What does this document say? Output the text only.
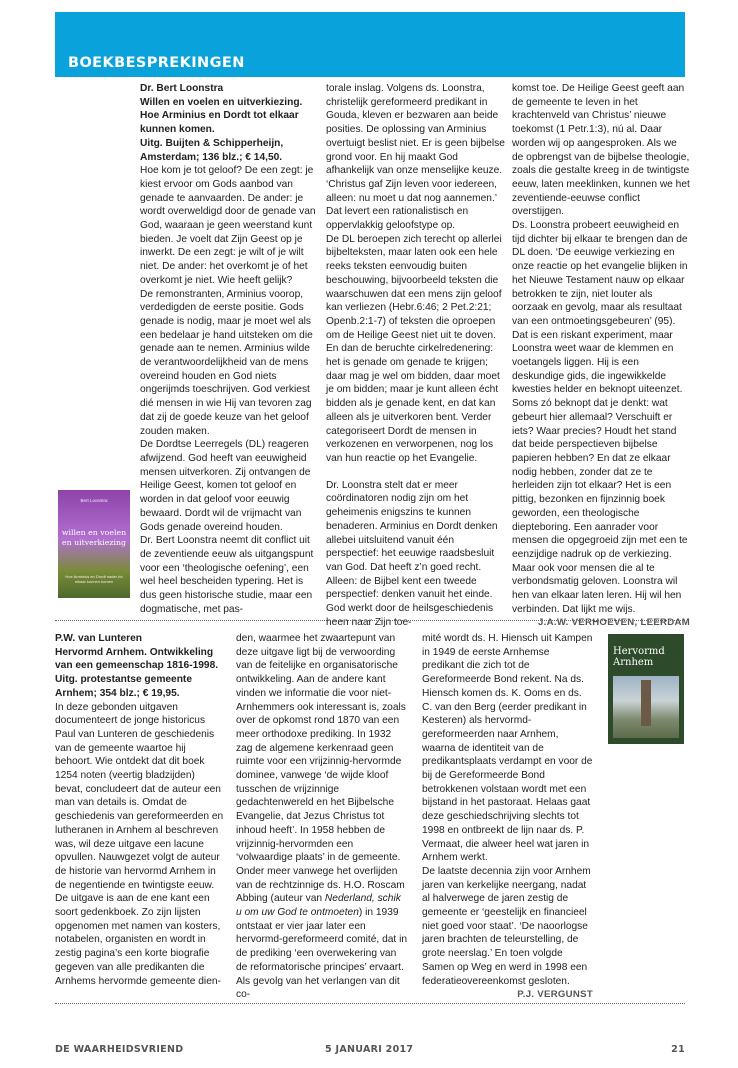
BOEKBESPREKINGEN

Dr. Bert Loonstra

Willen en voelen en uitverkiezing. Hoe Arminius en Dordt tot elkaar kunnen komen.

Uitg. Buijten & Schipperheijn, Amsterdam; 136 blz.; € 14,50.

Hoe kom je tot geloof? De een zegt: je kiest ervoor om Gods aanbod van genade te aanvaarden. De ander: je wordt overweldigd door de genade van God, waaraan je geen weerstand kunt bieden. Je voelt dat Zijn Geest op je inwerkt. De een zegt: je wilt of je wilt niet. De ander: het overkomt je of het overkomt je niet. Wie heeft gelijk?

De remonstranten, Arminius voorop, verdedigden de eerste positie. Gods genade is nodig, maar je moet wel als een bedelaar je hand uitsteken om die genade aan te nemen. Arminius wilde de verantwoordelijkheid van de mens overeind houden en God niets ongerijmds toeschrijven. God verkiest dié mensen in wie Hij van tevoren zag dat zij de goede keuze van het geloof zouden maken.

De Dordtse Leerregels (DL) reageren afwijzend. God heeft van eeuwigheid mensen uitverkoren. Zij ontvangen de Heilige Geest, komen tot geloof en worden in dat geloof voor eeuwig bewaard. Dordt wil de vrijmacht van Gods genade overeind houden.

Dr. Bert Loonstra neemt dit conflict uit de zeventiende eeuw als uitgangspunt voor een ‘theologische oefening’, een wel heel bescheiden typering. Het is dus geen historische studie, maar een dogmatische, met pas-

torale inslag. Volgens ds. Loonstra, christelijk gereformeerd predikant in Gouda, kleven er bezwaren aan beide posities. De oplossing van Arminius overtuigt beslist niet. Er is geen bijbelse grond voor. En hij maakt God afhankelijk van onze menselijke keuze. ‘Christus gaf Zijn leven voor iedereen, alleen: nu moet u dat nog aannemen.’ Dat levert een rationalistisch en oppervlakkig geloofstype op.

De DL beroepen zich terecht op allerlei bijbelteksten, maar laten ook een hele reeks teksten eenvoudig buiten beschouwing, bijvoorbeeld teksten die waarschuwen dat een mens zijn geloof kan verliezen (Hebr.6:46; 2 Pet.2:21; Openb.2:1-7) of teksten die oproepen om de Heilige Geest niet uit te doven. En dan de beruchte cirkelredenering: het is genade om genade te krijgen; daar mag je wel om bidden, daar moet je om bidden; maar je kunt alleen écht bidden als je genade kent, en dat kan alleen als je uitverkoren bent. Verder categoriseert Dordt de mensen in verkozenen en verworpenen, nog los van hun reactie op het Evangelie.

Dr. Loonstra stelt dat er meer coördinatoren nodig zijn om het geheimenis enigszins te kunnen benaderen. Arminius en Dordt denken allebei uitsluitend vanuit één perspectief: het eeuwige raadsbesluit van God. Dat heeft z’n goed recht. Alleen: de Bijbel kent een tweede perspectief: denken vanuit het einde. God werkt door de heilsgeschiedenis heen naar Zijn toe-

komst toe. De Heilige Geest geeft aan de gemeente te leven in het krachtenveld van Christus’ nieuwe toekomst (1 Petr.1:3), nú al. Daar worden wij op aangesproken. Als we de opbrengst van de bijbelse theologie, zoals die gestalte kreeg in de twintigste eeuw, laten meeklinken, kunnen we het zeventiende-eeuwse conflict overstijgen.

Ds. Loonstra probeert eeuwigheid en tijd dichter bij elkaar te brengen dan de DL doen. ‘De eeuwige verkiezing en onze reactie op het evangelie blijken in het Nieuwe Testament nauw op elkaar betrokken te zijn, niet louter als oorzaak en gevolg, maar als resultaat van een ontmoetingsgebeuren’ (95). Dat is een riskant experiment, maar Loonstra weet waar de klemmen en voetangels liggen. Hij is een deskundige gids, die ingewikkelde kwesties helder en beknopt uiteenzet. Soms zó beknopt dat je denkt: wat gebeurt hier allemaal? Verschuift er iets? Waar precies? Houdt het stand dat beide perspectieven bijbelse papieren hebben? En dat ze elkaar nodig hebben, zonder dat ze te herleiden zijn tot elkaar? Het is een pittig, bezonken en fijnzinnig boek geworden, een theologische diepteboring. Een aanrader voor mensen die opgegroeid zijn met een te eenzijdige nadruk op de verkiezing. Maar ook voor mensen die al te verbondsmatig geloven. Loonstra wil hen van elkaar laten leren. Hij wil hen verbinden. Dat lijkt me wijs.

J.A.W. VERHOEVEN, LEERDAM

Bert Loonstra
willen en voelen
en uitverkiezing
Hoe Arminius en Dordt nader tot elkaar kunnen komen

P.W. van Lunteren

Hervormd Arnhem. Ontwikkeling van een gemeenschap 1816-1998.

Uitg. protestantse gemeente Arnhem; 354 blz.; € 19,95.

In deze gebonden uitgaven documenteert de jonge historicus Paul van Lunteren de geschiedenis van de gemeente waartoe hij behoort. Wie ontdekt dat dit boek 1254 noten (veertig bladzijden) bevat, concludeert dat de auteur een man van details is. Omdat de geschiedenis van gereformeerden en lutheranen in Arnhem al beschreven was, wil deze uitgave een lacune opvullen. Nauwgezet volgt de auteur de historie van hervormd Arnhem in de negentiende en twintigste eeuw.

De uitgave is aan de ene kant een soort gedenkboek. Zo zijn lijsten opgenomen met namen van kosters, notabelen, organisten en wordt in zestig pagina’s een korte biografie gegeven van alle predikanten die Arnhems hervormde gemeente dien-

den, waarmee het zwaartepunt van deze uitgave ligt bij de verwoording van de feitelijke en organisatorische ontwikkeling. Aan de andere kant vinden we informatie die voor niet-Arnhemmers ook interessant is, zoals over de opkomst rond 1870 van een meer orthodoxe prediking. In 1932 zag de algemene kerkenraad geen ruimte voor een vrijzinnig-hervormde dominee, vanwege ‘de wijde kloof tusschen de vrijzinnige gedachtenwereld en het Bijbelsche Evangelie, dat Jezus Christus tot inhoud heeft’. In 1958 hebben de vrijzinnig-hervormden een ‘volwaardige plaats’ in de gemeente.

Onder meer vanwege het overlijden van de rechtzinnige ds. H.O. Roscam Abbing (auteur van Nederland, schik u om uw God te ontmoeten) in 1939 ontstaat er vier jaar later een hervormd-gereformeerd comité, dat in de prediking ‘een overwekering van de reformatorische principes’ ervaart. Als gevolg van het verlangen van dit co-

mité wordt ds. H. Hiensch uit Kampen in 1949 de eerste Arnhemse predikant die zich tot de Gereformeerde Bond rekent. Na ds. Hiensch komen ds. K. Ooms en ds. C. van den Berg (eerder predikant in Kesteren) als hervormd-gereformeerden naar Arnhem, waarna de identiteit van de predikantsplaats verdampt en voor de bij de Gereformeerde Bond betrokkenen volstaan wordt met een bijstand in het pastoraat. Helaas gaat deze geschiedschrijving slechts tot 1998 en ontbreekt de lijn naar ds. P. Vermaat, die alweer heel wat jaren in Arnhem werkt.

De laatste decennia zijn voor Arnhem jaren van kerkelijke neergang, nadat al halverwege de jaren zestig de gemeente er ‘geestelijk en financieel niet goed voor staat’. ‘De naoorlogse jaren brachten de teleurstelling, de grote neerslag.’ En toen volgde Samen op Weg en werd in 1998 een federatieovereenkomst gesloten.

P.J. VERGUNST

Hervormd
Arnhem
DE WAARHEIDSVRIEND	5 JANUARI 2017	21
